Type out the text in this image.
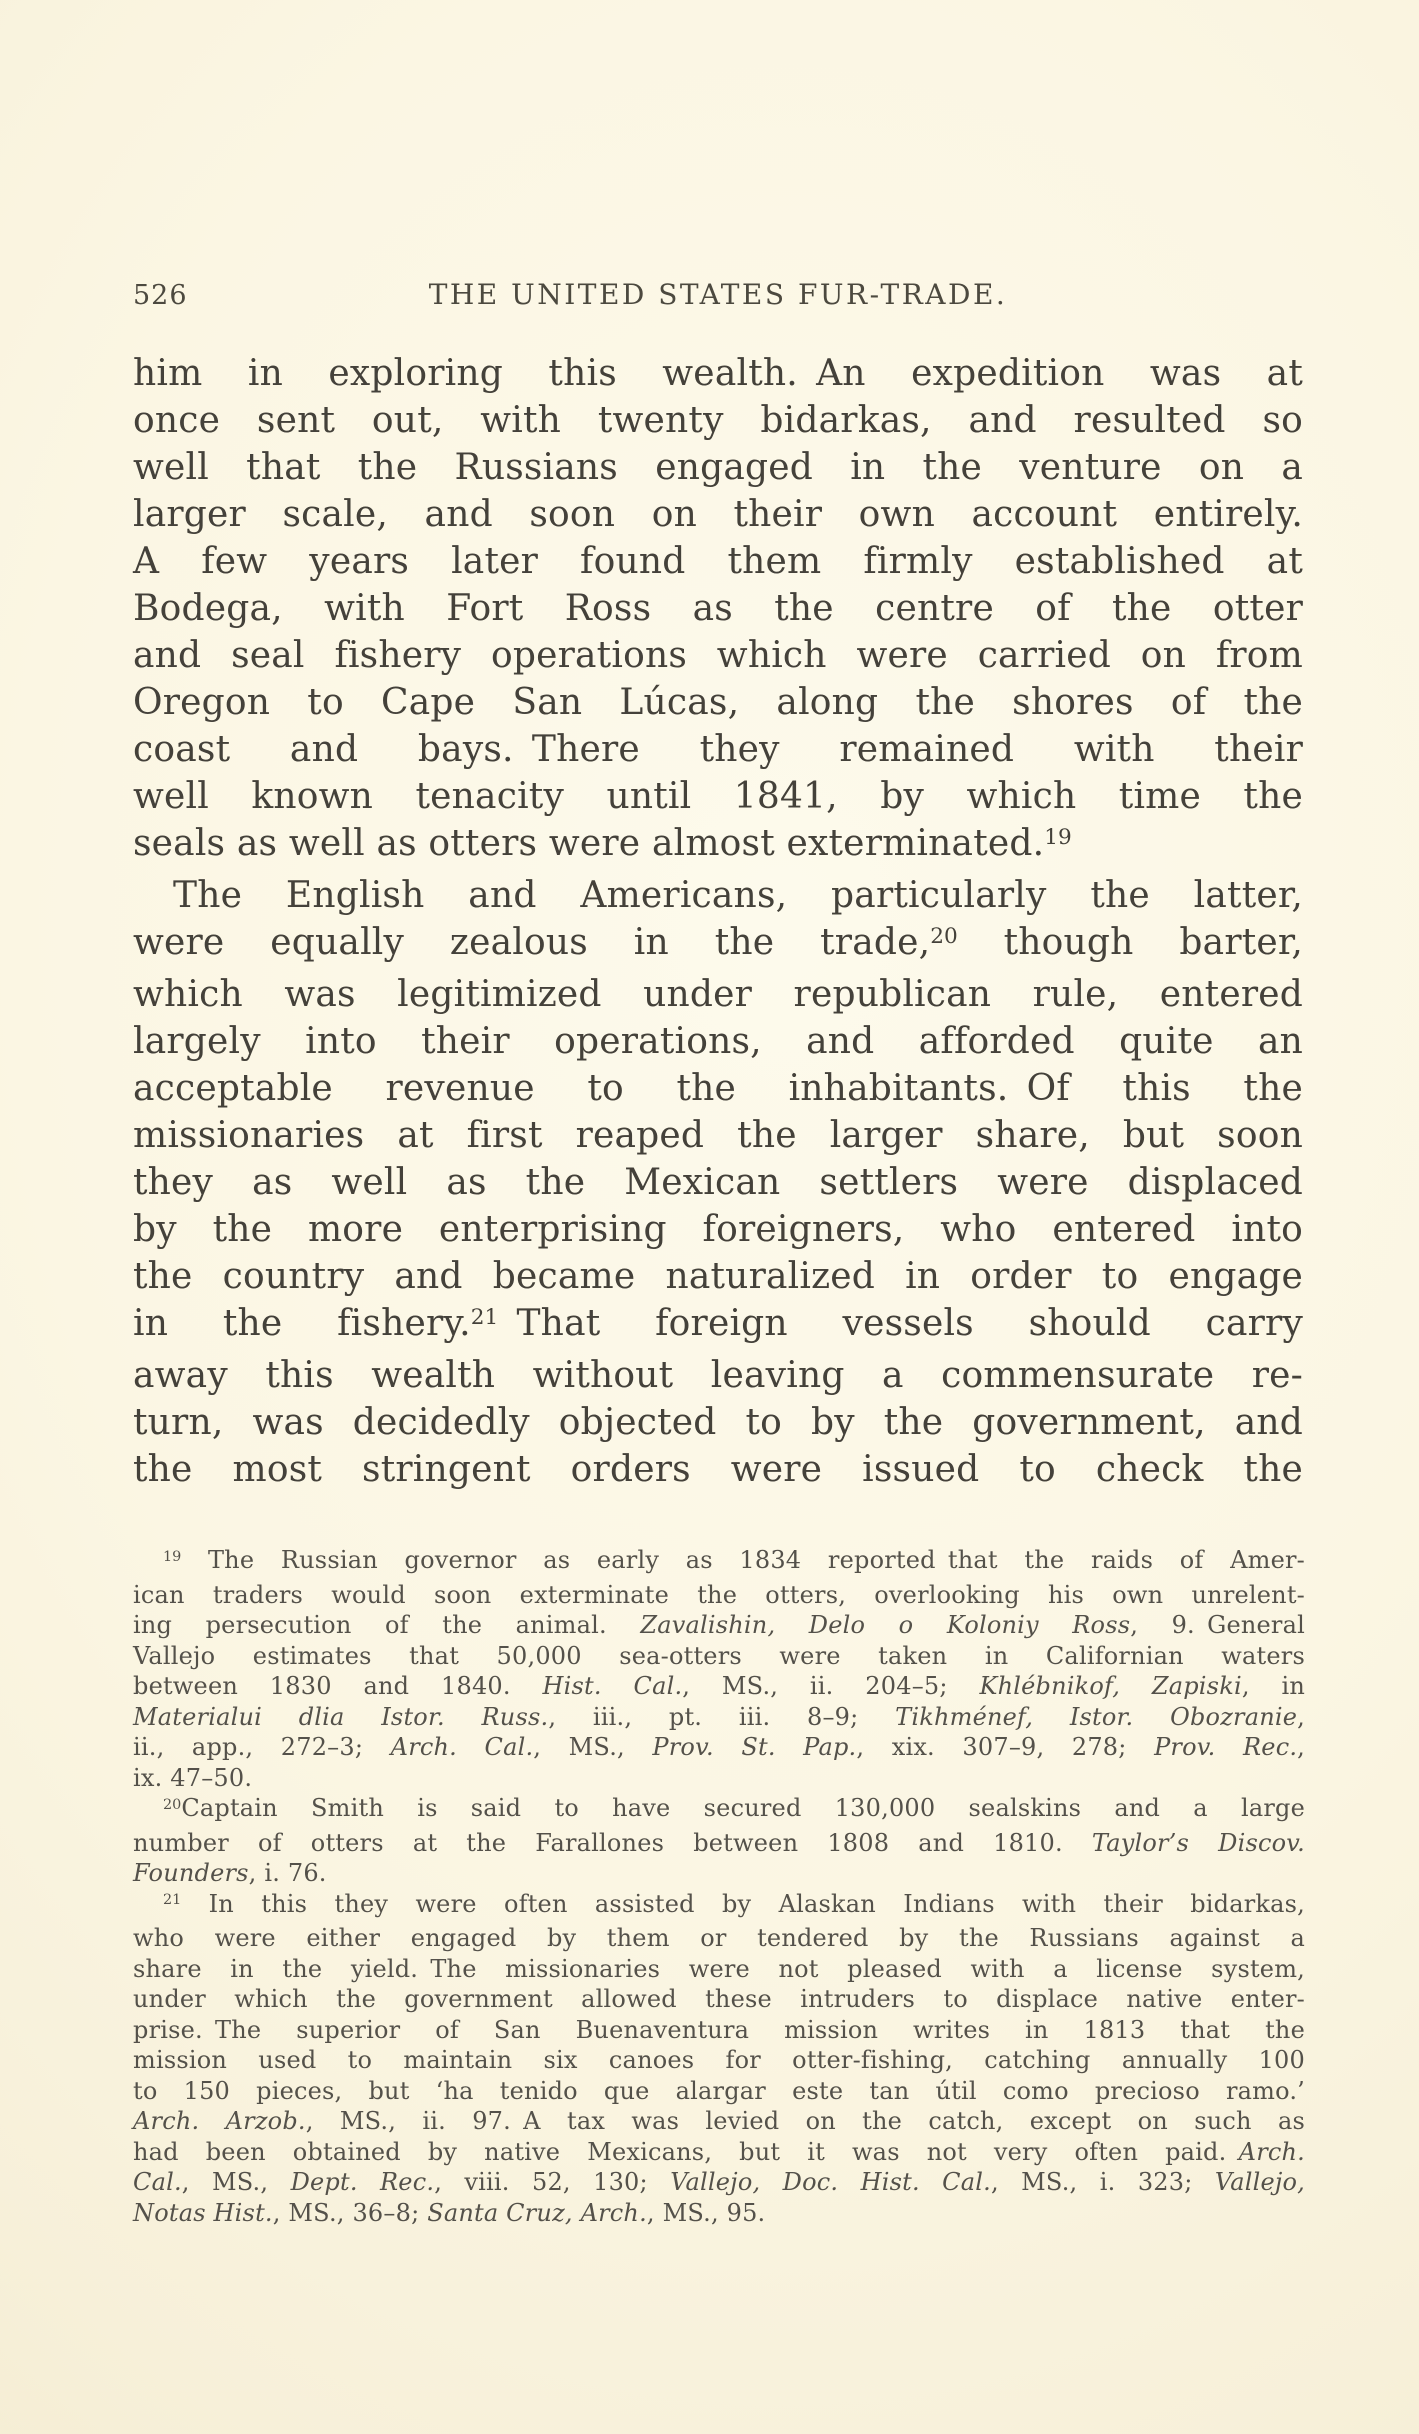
526	THE UNITED STATES FUR-TRADE.
him in exploring this wealth. An expedition was at
once sent out, with twenty bidarkas, and resulted so
well that the Russians engaged in the venture on a
larger scale, and soon on their own account entirely.
A few years later found them firmly established at
Bodega, with Fort Ross as the centre of the otter
and seal fishery operations which were carried on from
Oregon to Cape San Lúcas, along the shores of the
coast and bays. There they remained with their
well known tenacity until 1841, by which time the
seals as well as otters were almost exterminated.$^{19}$
The English and Americans, particularly the latter,
were equally zealous in the trade,$^{20}$ though barter,
which was legitimized under republican rule, entered
largely into their operations, and afforded quite an
acceptable revenue to the inhabitants. Of this the
missionaries at first reaped the larger share, but soon
they as well as the Mexican settlers were displaced
by the more enterprising foreigners, who entered into
the country and became naturalized in order to engage
in the fishery.$^{21}$ That foreign vessels should carry
away this wealth without leaving a commensurate re-
turn, was decidedly objected to by the government, and
the most stringent orders were issued to check the
$^{19}$ The Russian governor as early as 1834 reported that the raids of Amer-
ican traders would soon exterminate the otters, overlooking his own unrelent-
ing persecution of the animal. Zavalishin, Delo o Koloniy Ross, 9. General
Vallejo estimates that 50,000 sea-otters were taken in Californian waters
between 1830 and 1840. Hist. Cal., MS., ii. 204–5; Khlébnikof, Zapiski, in
Materialui dlia Istor. Russ., iii., pt. iii. 8–9; Tikhménef, Istor. Obozranie,
ii., app., 272–3; Arch. Cal., MS., Prov. St. Pap., xix. 307–9, 278; Prov. Rec.,
ix. 47–50.
$^{20}$Captain Smith is said to have secured 130,000 sealskins and a large
number of otters at the Farallones between 1808 and 1810. Taylor’s Discov.
Founders, i. 76.
$^{21}$ In this they were often assisted by Alaskan Indians with their bidarkas,
who were either engaged by them or tendered by the Russians against a
share in the yield. The missionaries were not pleased with a license system,
under which the government allowed these intruders to displace native enter-
prise. The superior of San Buenaventura mission writes in 1813 that the
mission used to maintain six canoes for otter-fishing, catching annually 100
to 150 pieces, but ‘ha tenido que alargar este tan útil como precioso ramo.’
Arch. Arzob., MS., ii. 97. A tax was levied on the catch, except on such as
had been obtained by native Mexicans, but it was not very often paid. Arch.
Cal., MS., Dept. Rec., viii. 52, 130; Vallejo, Doc. Hist. Cal., MS., i. 323; Vallejo,
Notas Hist., MS., 36–8; Santa Cruz, Arch., MS., 95.
